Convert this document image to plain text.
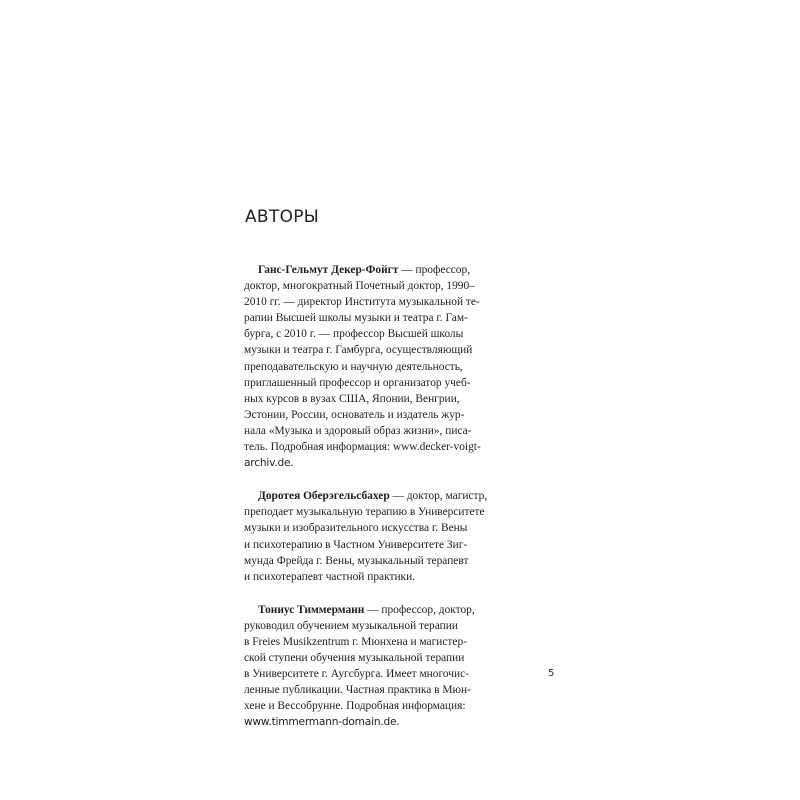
АВТОРЫ

Ганс-Гельмут Декер-Фойгт — профессор,
доктор, многократный Почетный доктор, 1990–
2010 гг. — директор Института музыкальной те-
рапии Высшей школы музыки и театра г. Гам-
бурга, с 2010 г. — профессор Высшей школы
музыки и театра г. Гамбурга, осуществляющий
преподавательскую и научную деятельность,
приглашенный профессор и организатор учеб-
ных курсов в вузах США, Японии, Венгрии,
Эстонии, России, основатель и издатель жур-
нала «Музыка и здоровый образ жизни», писа-
тель. Подробная информация: www.decker-voigt-
archiv.de.

Доротея Оберэгельсбахер — доктор, магистр,
преподает музыкальную терапию в Университете
музыки и изобразительного искусства г. Вены
и психотерапию в Частном Университете Зиг-
мунда Фрейда г. Вены, музыкальный терапевт
и психотерапевт частной практики.

Тониус Тиммерманн — профессор, доктор,
руководил обучением музыкальной терапии
в Freies Musikzentrum г. Мюнхена и магистер-
ской ступени обучения музыкальной терапии
в Университете г. Аугсбурга. Имеет многочис-
ленные публикации. Частная практика в Мюн-
хене и Вессобрунне. Подробная информация:
www.timmermann-domain.de.

5
